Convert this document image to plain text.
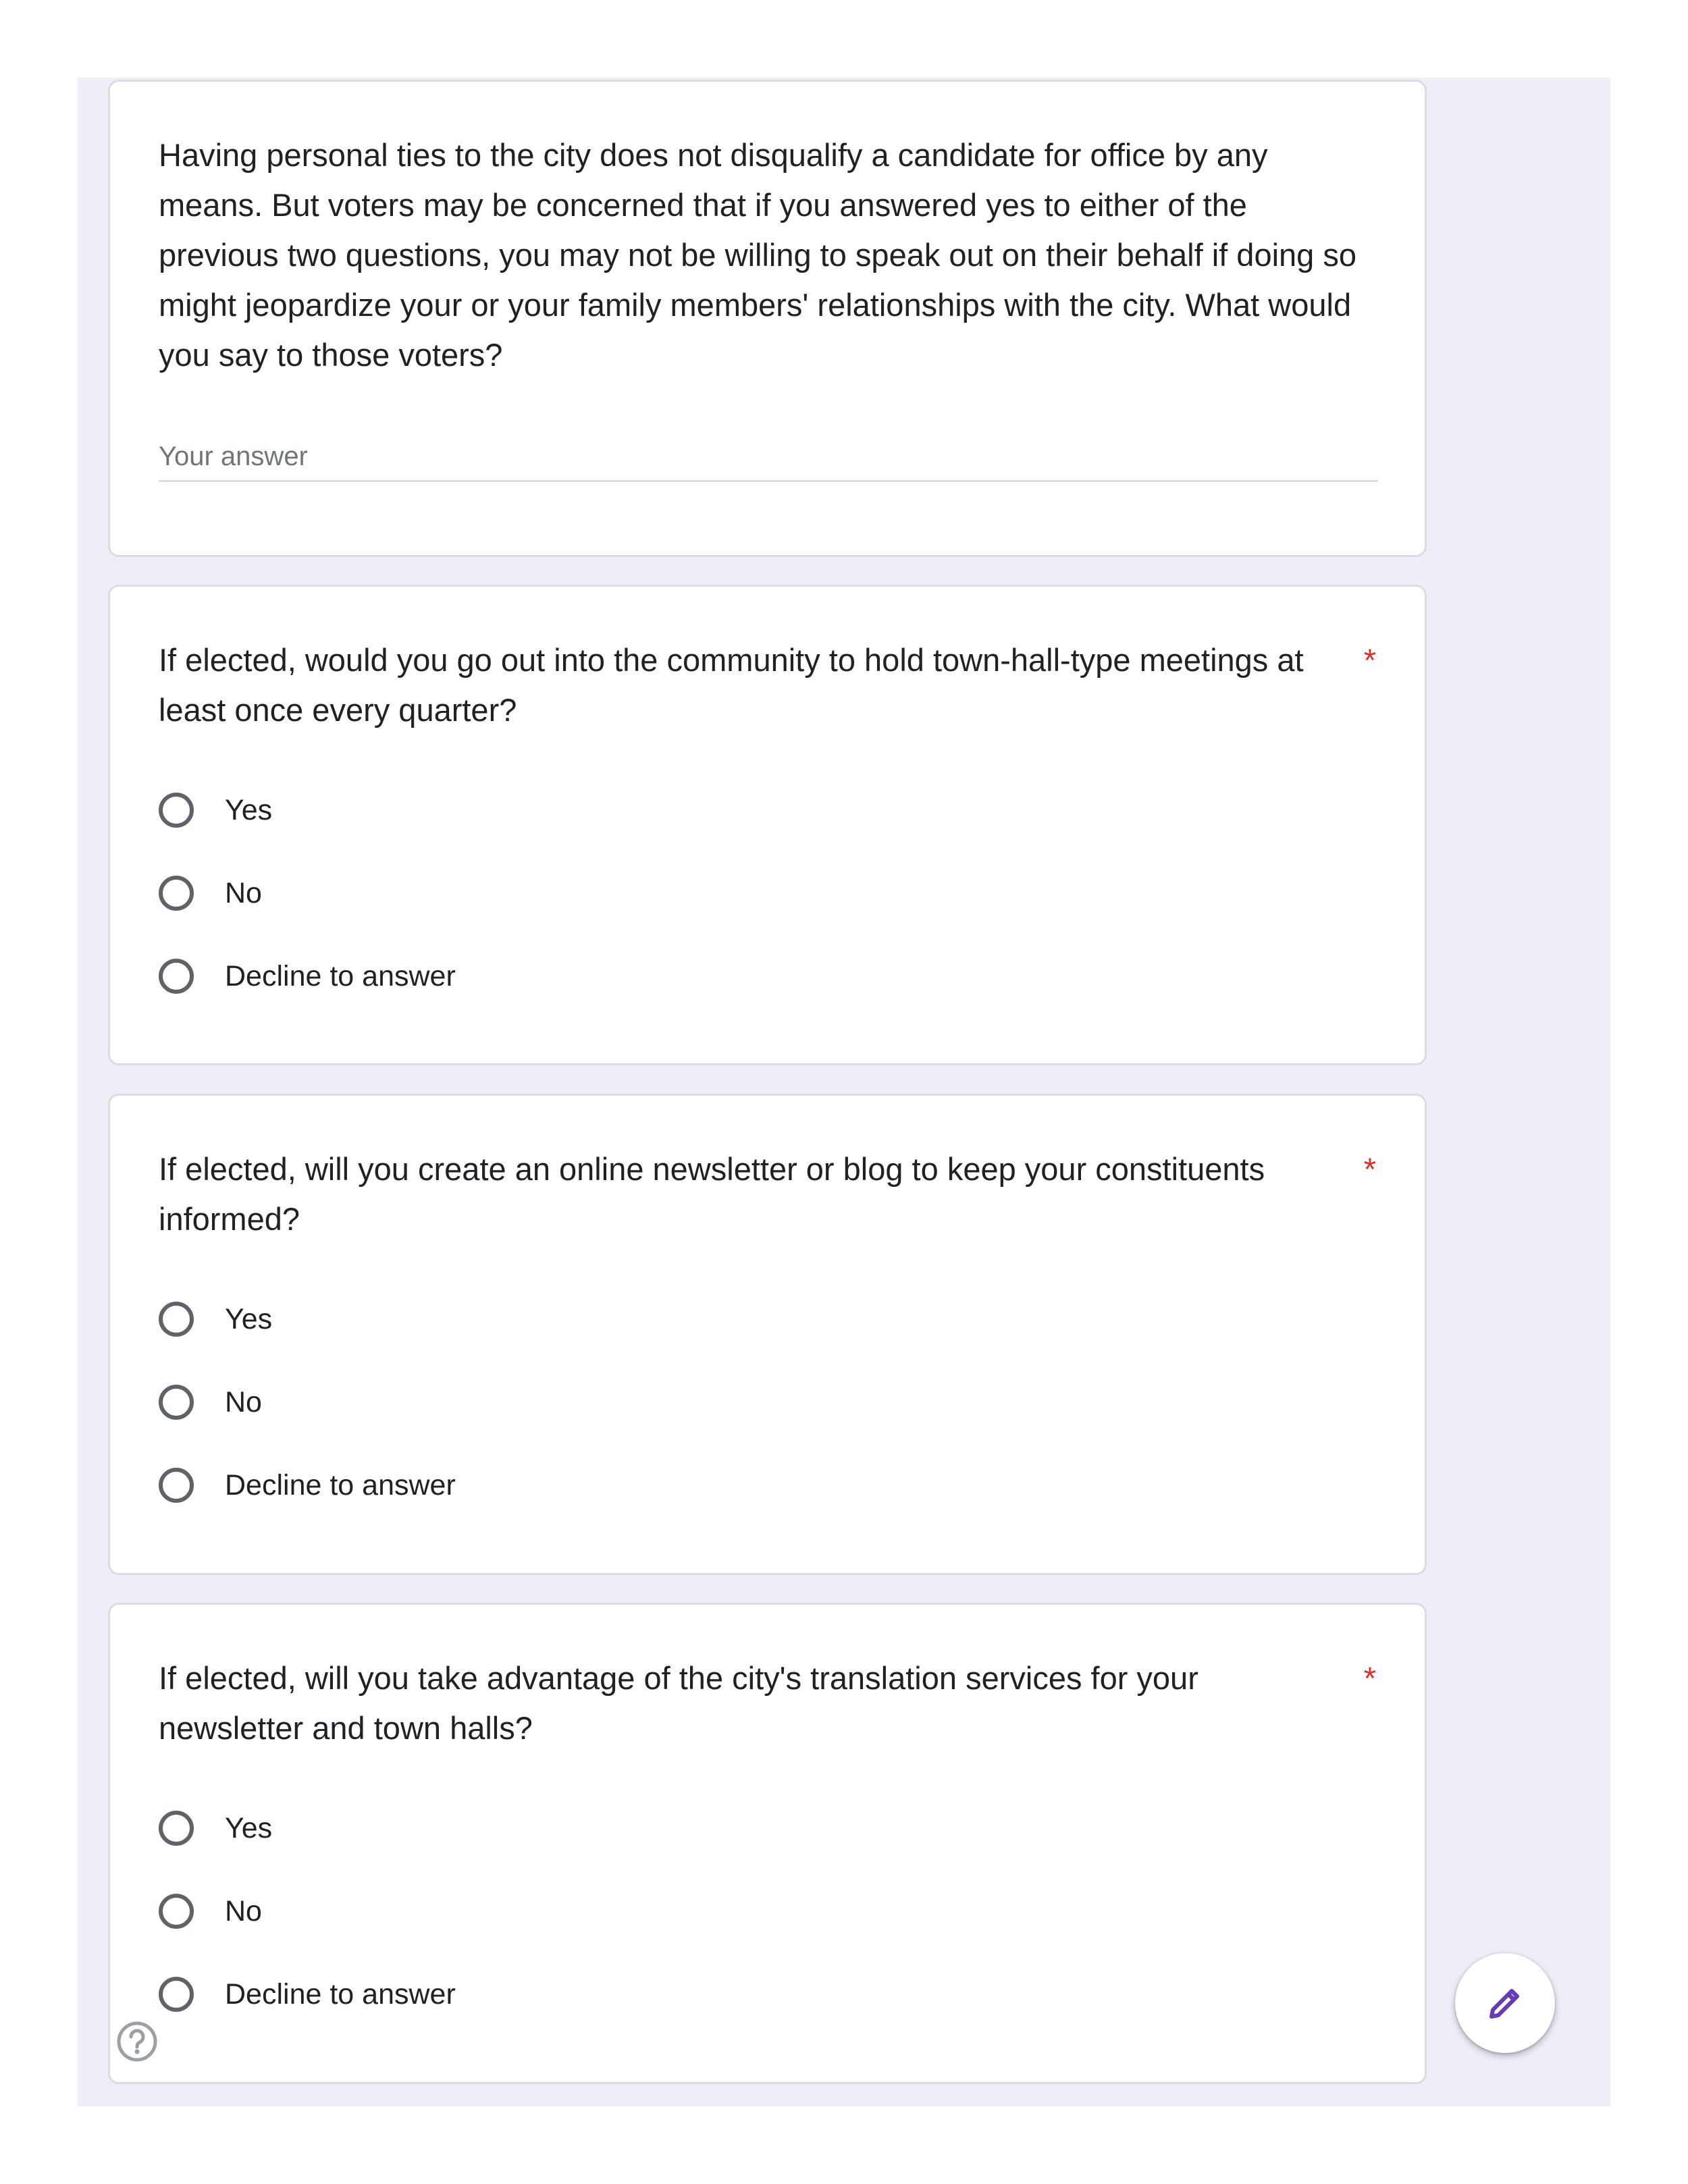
Having personal ties to the city does not disqualify a candidate for office by any means. But voters may be concerned that if you answered yes to either of the previous two questions, you may not be willing to speak out on their behalf if doing so might jeopardize your or your family members' relationships with the city. What would you say to those voters?
Your answer
If elected, would you go out into the community to hold town-hall-type meetings at least once every quarter?
*
Yes
No
Decline to answer
If elected, will you create an online newsletter or blog to keep your constituents informed?
*
Yes
No
Decline to answer
If elected, will you take advantage of the city's translation services for your newsletter and town halls?
*
Yes
No
Decline to answer
